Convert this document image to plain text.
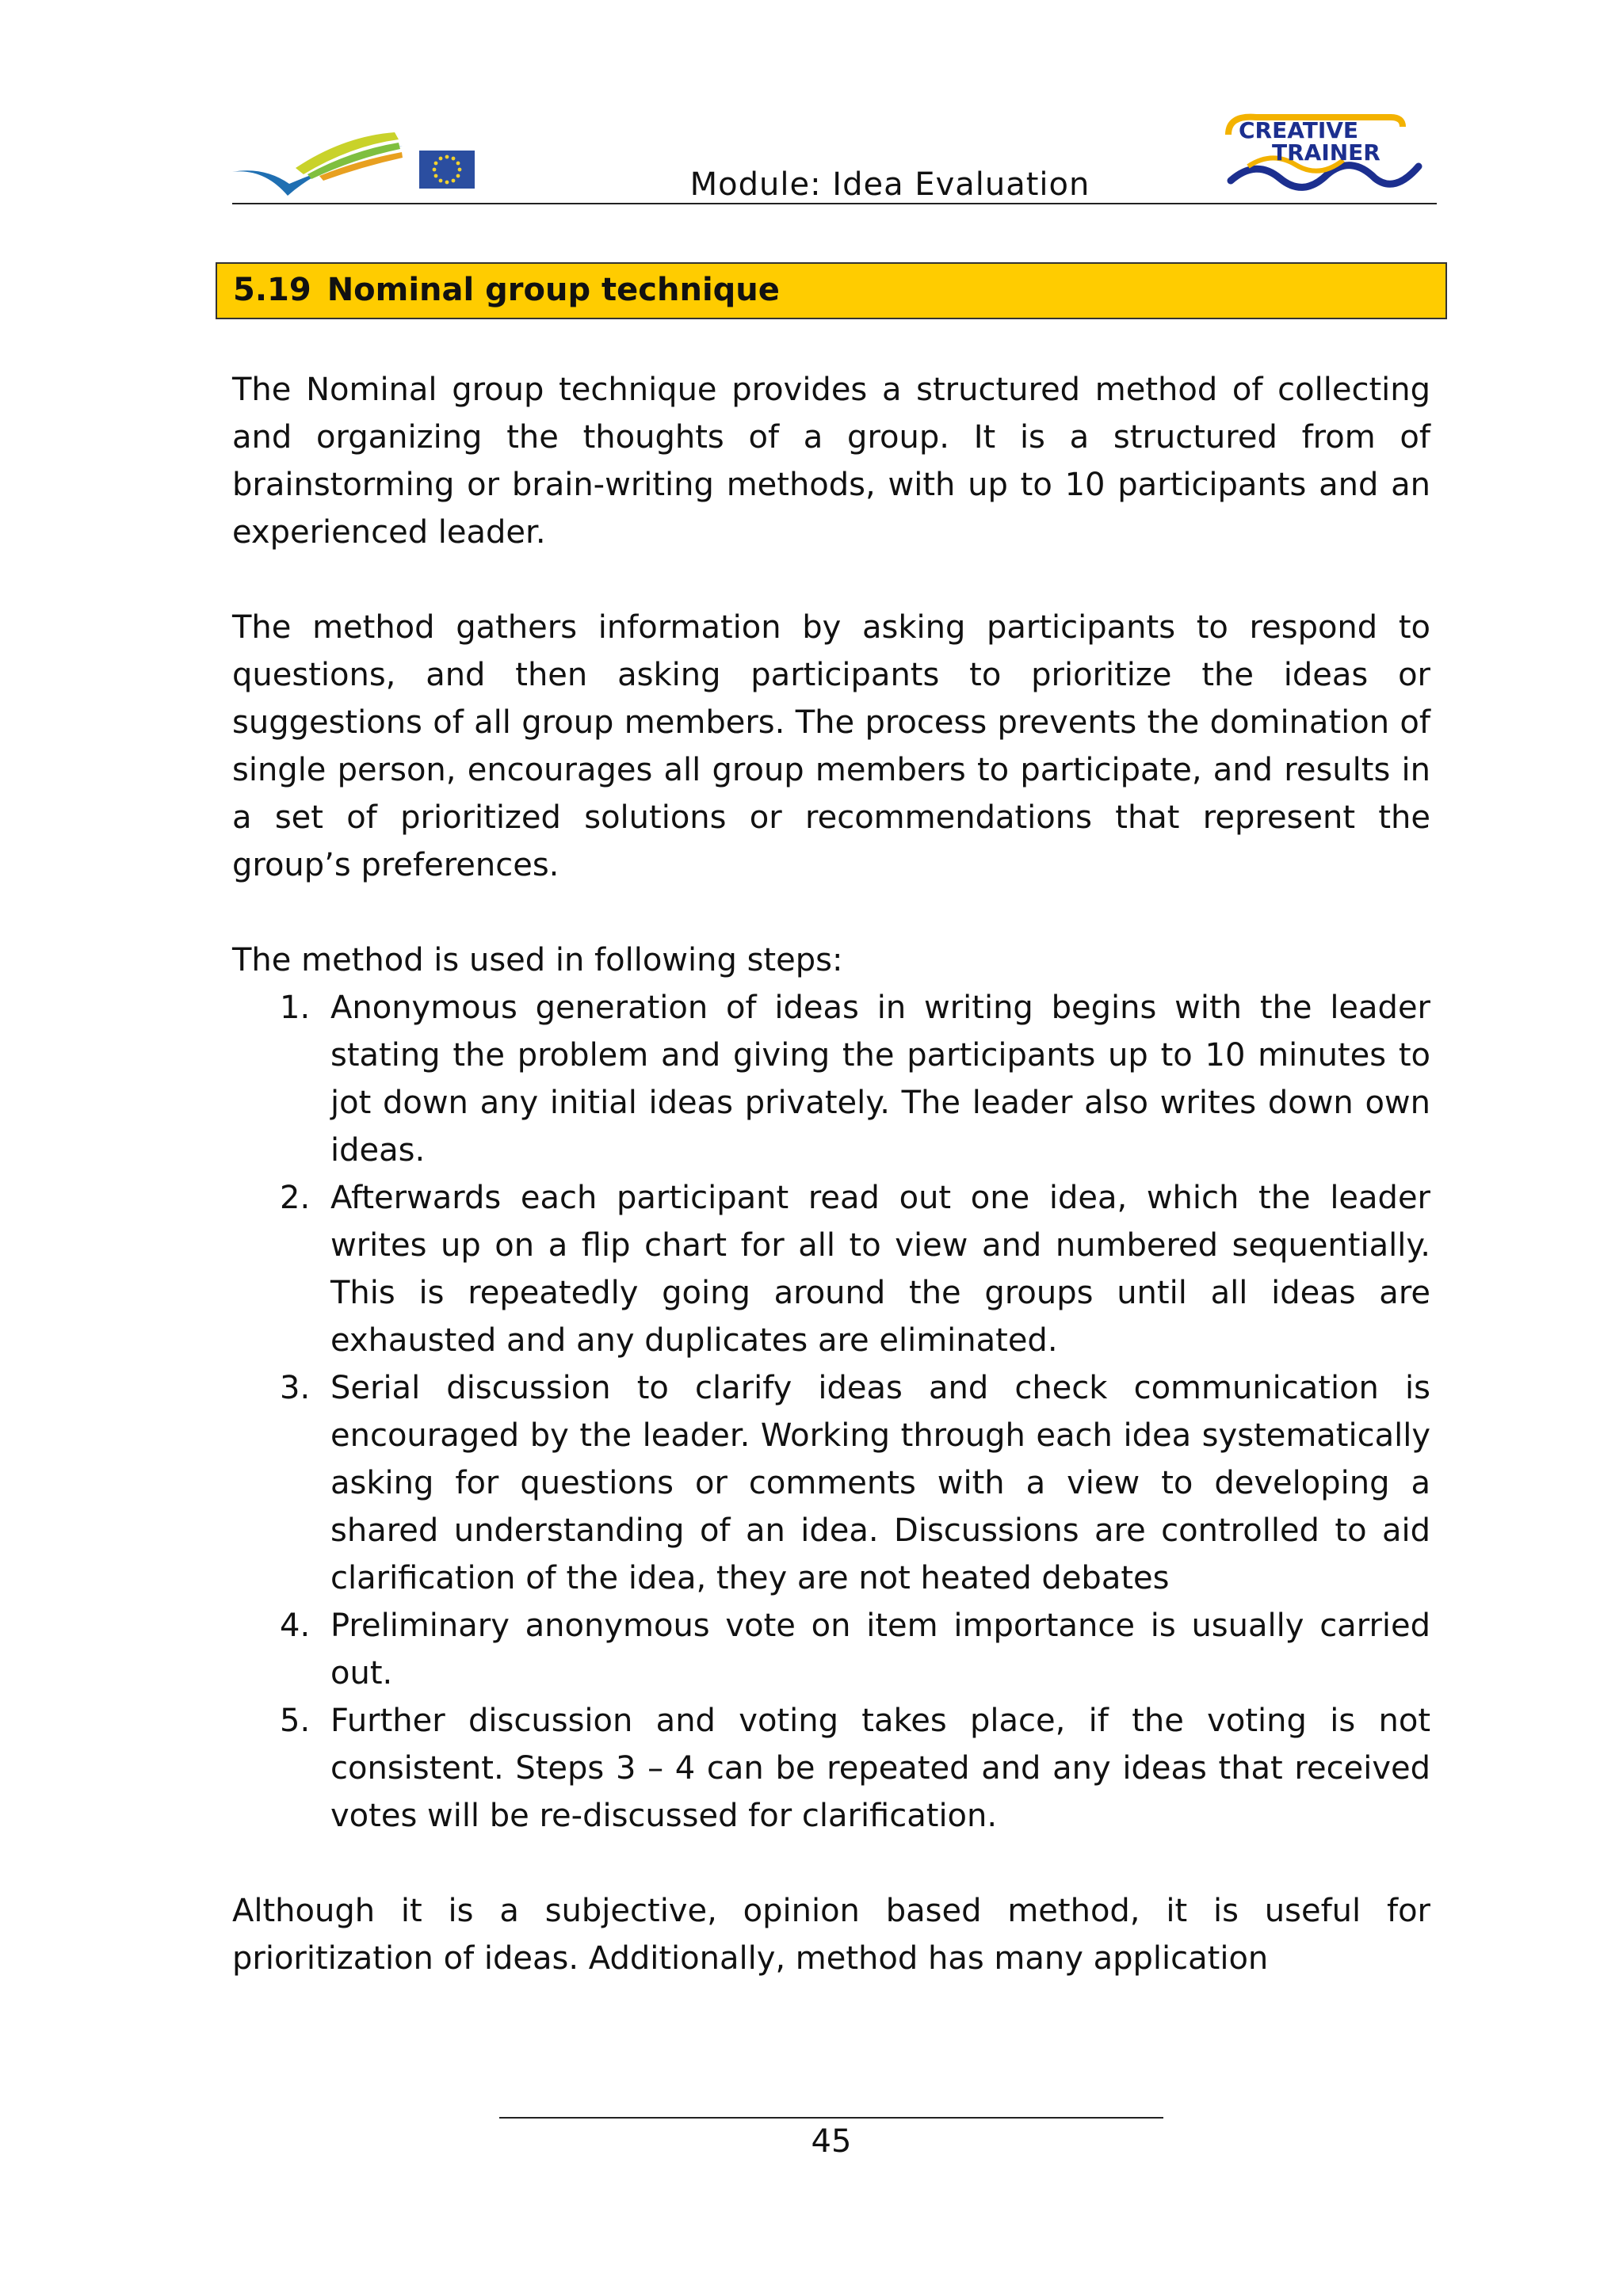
CREATIVE
TRAINER
Module: Idea Evaluation
5.19 Nominal group technique

The Nominal group technique provides a structured method of collecting and organizing the thoughts of a group. It is a structured from of brainstorming or brain-writing methods, with up to 10 participants and an experienced leader.

The method gathers information by asking participants to respond to questions, and then asking participants to prioritize the ideas or suggestions of all group members. The process prevents the domination of single person, encourages all group members to participate, and results in a set of prioritized solutions or recommendations that represent the group’s preferences.

The method is used in following steps:

1. Anonymous generation of ideas in writing begins with the leader stating the problem and giving the participants up to 10 minutes to jot down any initial ideas privately. The leader also writes down own ideas.
2. Afterwards each participant read out one idea, which the leader writes up on a flip chart for all to view and numbered sequentially. This is repeatedly going around the groups until all ideas are exhausted and any duplicates are eliminated.
3. Serial discussion to clarify ideas and check communication is encouraged by the leader. Working through each idea systematically asking for questions or comments with a view to developing a shared understanding of an idea. Discussions are controlled to aid clarification of the idea, they are not heated debates
4. Preliminary anonymous vote on item importance is usually carried out.
5. Further discussion and voting takes place, if the voting is not consistent. Steps 3 – 4 can be repeated and any ideas that received votes will be re-discussed for clarification.

Although it is a subjective, opinion based method, it is useful for prioritization of ideas. Additionally, method has many application

45
